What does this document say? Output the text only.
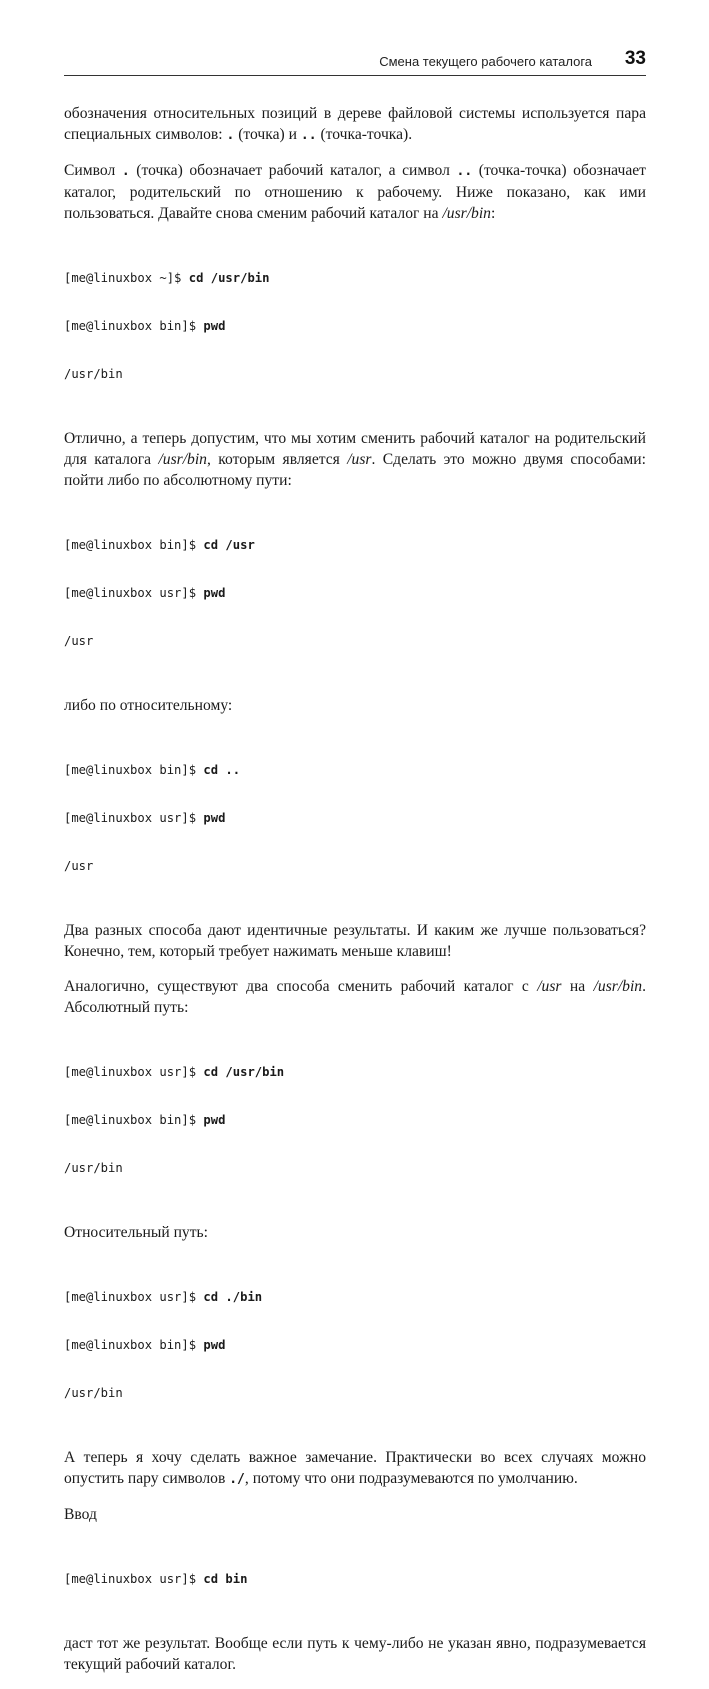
Смена текущего рабочего каталога 33

обозначения относительных позиций в дереве файловой системы используется пара специальных символов: . (точка) и .. (точка-точка).

Символ . (точка) обозначает рабочий каталог, а символ .. (точка-точка) обозначает каталог, родительский по отношению к рабочему. Ниже показано, как ими пользоваться. Давайте снова сменим рабочий каталог на /usr/bin:

[me@linuxbox ~]$ cd /usr/bin

[me@linuxbox bin]$ pwd

/usr/bin

Отлично, а теперь допустим, что мы хотим сменить рабочий каталог на родительский для каталога /usr/bin, которым является /usr. Сделать это можно двумя способами: пойти либо по абсолютному пути:

[me@linuxbox bin]$ cd /usr

[me@linuxbox usr]$ pwd

/usr

либо по относительному:

[me@linuxbox bin]$ cd ..

[me@linuxbox usr]$ pwd

/usr

Два разных способа дают идентичные результаты. И каким же лучше пользоваться? Конечно, тем, который требует нажимать меньше клавиш!

Аналогично, существуют два способа сменить рабочий каталог с /usr на /usr/bin. Абсолютный путь:

[me@linuxbox usr]$ cd /usr/bin

[me@linuxbox bin]$ pwd

/usr/bin

Относительный путь:

[me@linuxbox usr]$ cd ./bin

[me@linuxbox bin]$ pwd

/usr/bin

А теперь я хочу сделать важное замечание. Практически во всех случаях можно опустить пару символов ./, потому что они подразумеваются по умолчанию.

Ввод

[me@linuxbox usr]$ cd bin

даст тот же результат. Вообще если путь к чему-либо не указан явно, подразумевается текущий рабочий каталог.
